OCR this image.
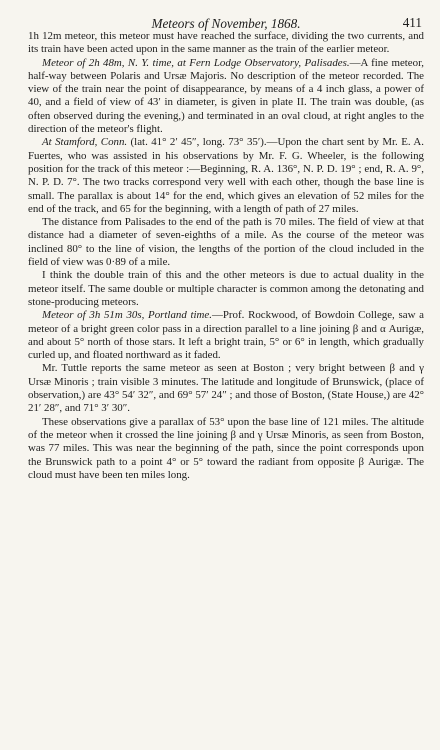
Meteors of November, 1868.	411

1h 12m meteor, this meteor must have reached the surface, dividing the two currents, and its train have been acted upon in the same manner as the train of the earlier meteor.

Meteor of 2h 48m, N. Y. time, at Fern Lodge Observatory, Palisades.—A fine meteor, half-way between Polaris and Ursæ Majoris. No description of the meteor recorded. The view of the train near the point of disappearance, by means of a 4 inch glass, a power of 40, and a field of view of 43′ in diameter, is given in plate II. The train was double, (as often observed during the evening,) and terminated in an oval cloud, at right angles to the direction of the meteor's flight.

At Stamford, Conn. (lat. 41° 2′ 45″, long. 73° 35′).—Upon the chart sent by Mr. E. A. Fuertes, who was assisted in his observations by Mr. F. G. Wheeler, is the following position for the track of this meteor :—Beginning, R. A. 136°, N. P. D. 19° ; end, R. A. 9°, N. P. D. 7°. The two tracks correspond very well with each other, though the base line is small. The parallax is about 14° for the end, which gives an elevation of 52 miles for the end of the track, and 65 for the beginning, with a length of path of 27 miles.

The distance from Palisades to the end of the path is 70 miles. The field of view at that distance had a diameter of seven-eighths of a mile. As the course of the meteor was inclined 80° to the line of vision, the lengths of the portion of the cloud included in the field of view was 0·89 of a mile.

I think the double train of this and the other meteors is due to actual duality in the meteor itself. The same double or multiple character is common among the detonating and stone-producing meteors.

Meteor of 3h 51m 30s, Portland time.—Prof. Rockwood, of Bowdoin College, saw a meteor of a bright green color pass in a direction parallel to a line joining β and α Aurigæ, and about 5° north of those stars. It left a bright train, 5° or 6° in length, which gradually curled up, and floated northward as it faded.

Mr. Tuttle reports the same meteor as seen at Boston ; very bright between β and γ Ursæ Minoris ; train visible 3 minutes. The latitude and longitude of Brunswick, (place of observation,) are 43° 54′ 32″, and 69° 57′ 24″ ; and those of Boston, (State House,) are 42° 21′ 28″, and 71° 3′ 30″.

These observations give a parallax of 53° upon the base line of 121 miles. The altitude of the meteor when it crossed the line joining β and γ Ursæ Minoris, as seen from Boston, was 77 miles. This was near the beginning of the path, since the point corresponds upon the Brunswick path to a point 4° or 5° toward the radiant from opposite β Aurigæ. The cloud must have been ten miles long.
